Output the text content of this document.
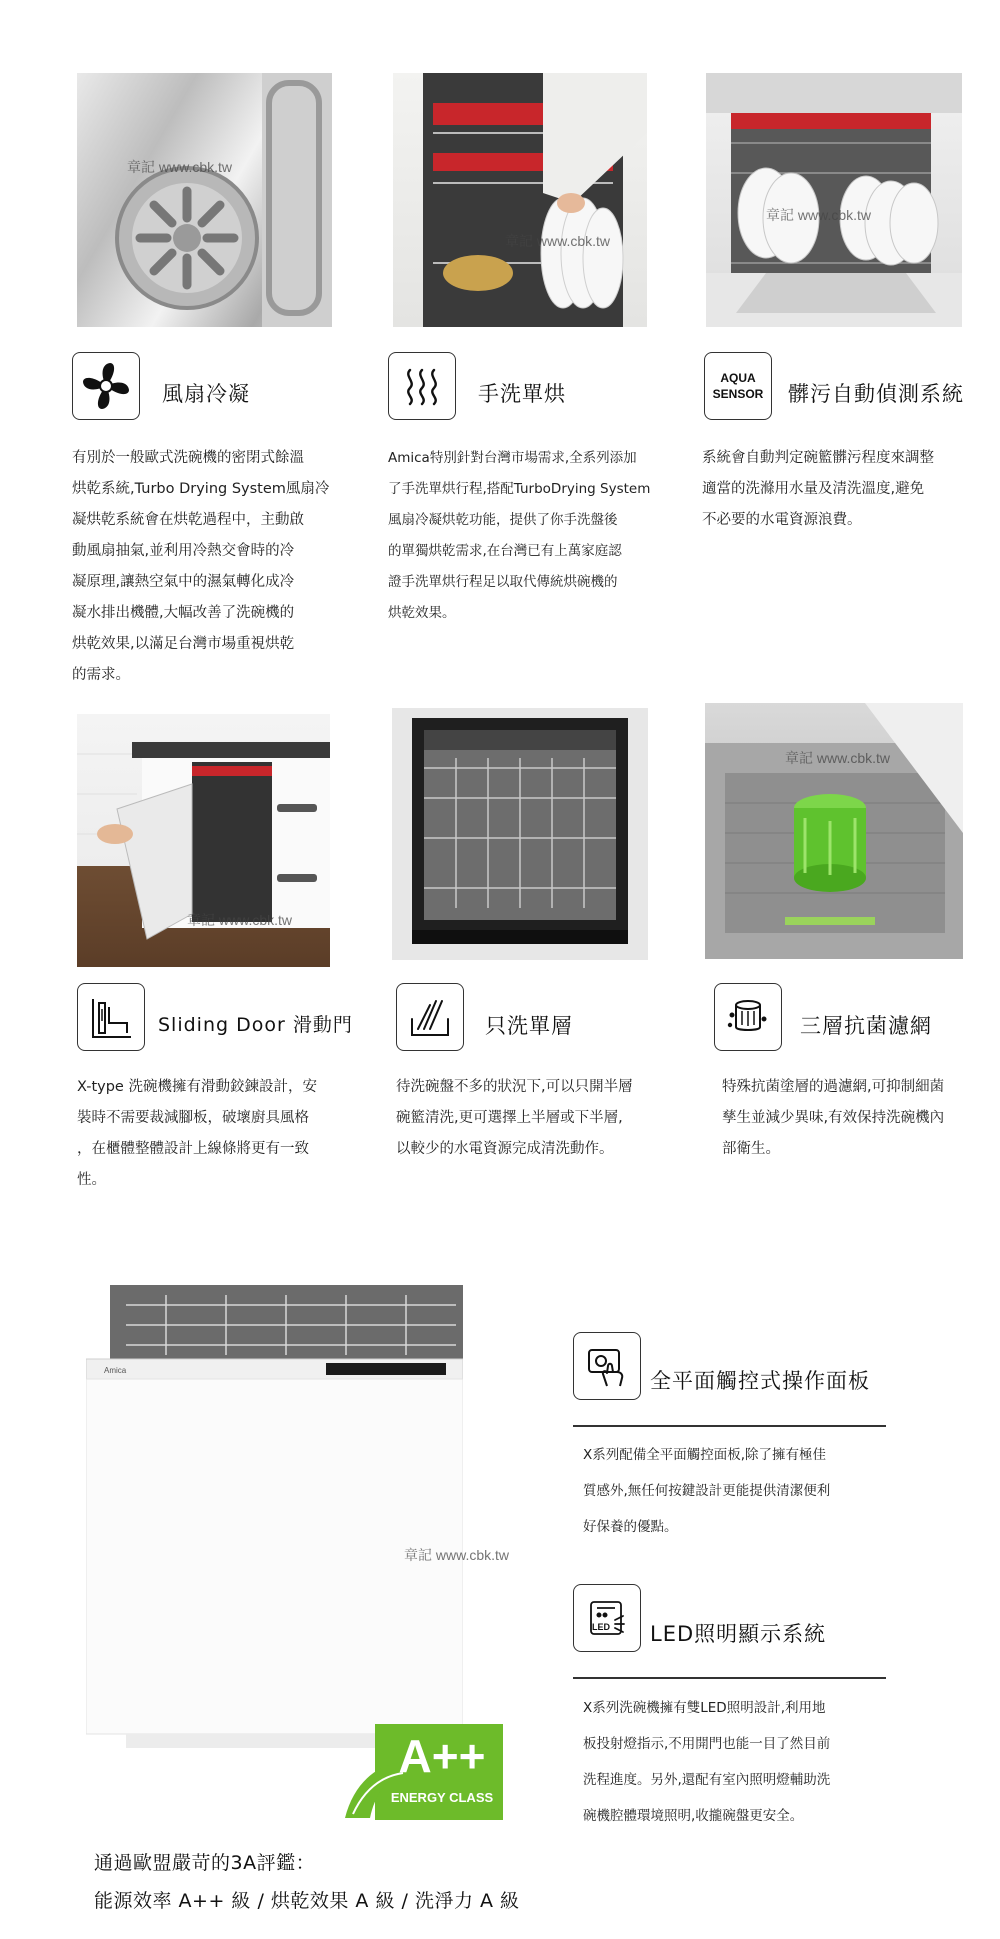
章記 www.cbk.tw
章記 www.cbk.tw
章記 www.cbk.tw
風扇冷凝
有別於一般歐式洗碗機的密閉式餘溫
烘乾系統,Turbo Drying System風扇冷
凝烘乾系統會在烘乾過程中，主動啟
動風扇抽氣,並利用冷熱交會時的冷
凝原理,讓熱空氣中的濕氣轉化成冷
凝水排出機體,大幅改善了洗碗機的
烘乾效果,以滿足台灣市場重視烘乾
的需求。
手洗單烘
Amica特別針對台灣市場需求,全系列添加
了手洗單烘行程,搭配TurboDrying System
風扇冷凝烘乾功能，提供了你手洗盤後
的單獨烘乾需求,在台灣已有上萬家庭認
證手洗單烘行程足以取代傳統烘碗機的
烘乾效果。
AQUA
SENSOR 髒污自動偵測系統
系統會自動判定碗籃髒污程度來調整
適當的洗滌用水量及清洗溫度,避免
不必要的水電資源浪費。
章記 www.cbk.tw
章記 www.cbk.tw
Sliding Door 滑動門
X-type 洗碗機擁有滑動鉸鍊設計，安
裝時不需要裁減腳板，破壞廚具風格
，在櫃體整體設計上線條將更有一致
性。
只洗單層
待洗碗盤不多的狀況下,可以只開半層
碗籃清洗,更可選擇上半層或下半層,
以較少的水電資源完成清洗動作。
三層抗菌濾網
特殊抗菌塗層的過濾網,可抑制細菌
孳生並減少異味,有效保持洗碗機內
部衛生。
Amica
A++
ENERGY CLASS
章記 www.cbk.tw
全平面觸控式操作面板
X系列配備全平面觸控面板,除了擁有極佳
質感外,無任何按鍵設計更能提供清潔便利
好保養的優點。
LED LED照明顯示系統
X系列洗碗機擁有雙LED照明設計,利用地
板投射燈指示,不用開門也能一目了然目前
洗程進度。另外,還配有室內照明燈輔助洗
碗機腔體環境照明,收攏碗盤更安全。
通過歐盟嚴苛的3A評鑑：
能源效率 A++ 級 / 烘乾效果 A 級 / 洗淨力 A 級
